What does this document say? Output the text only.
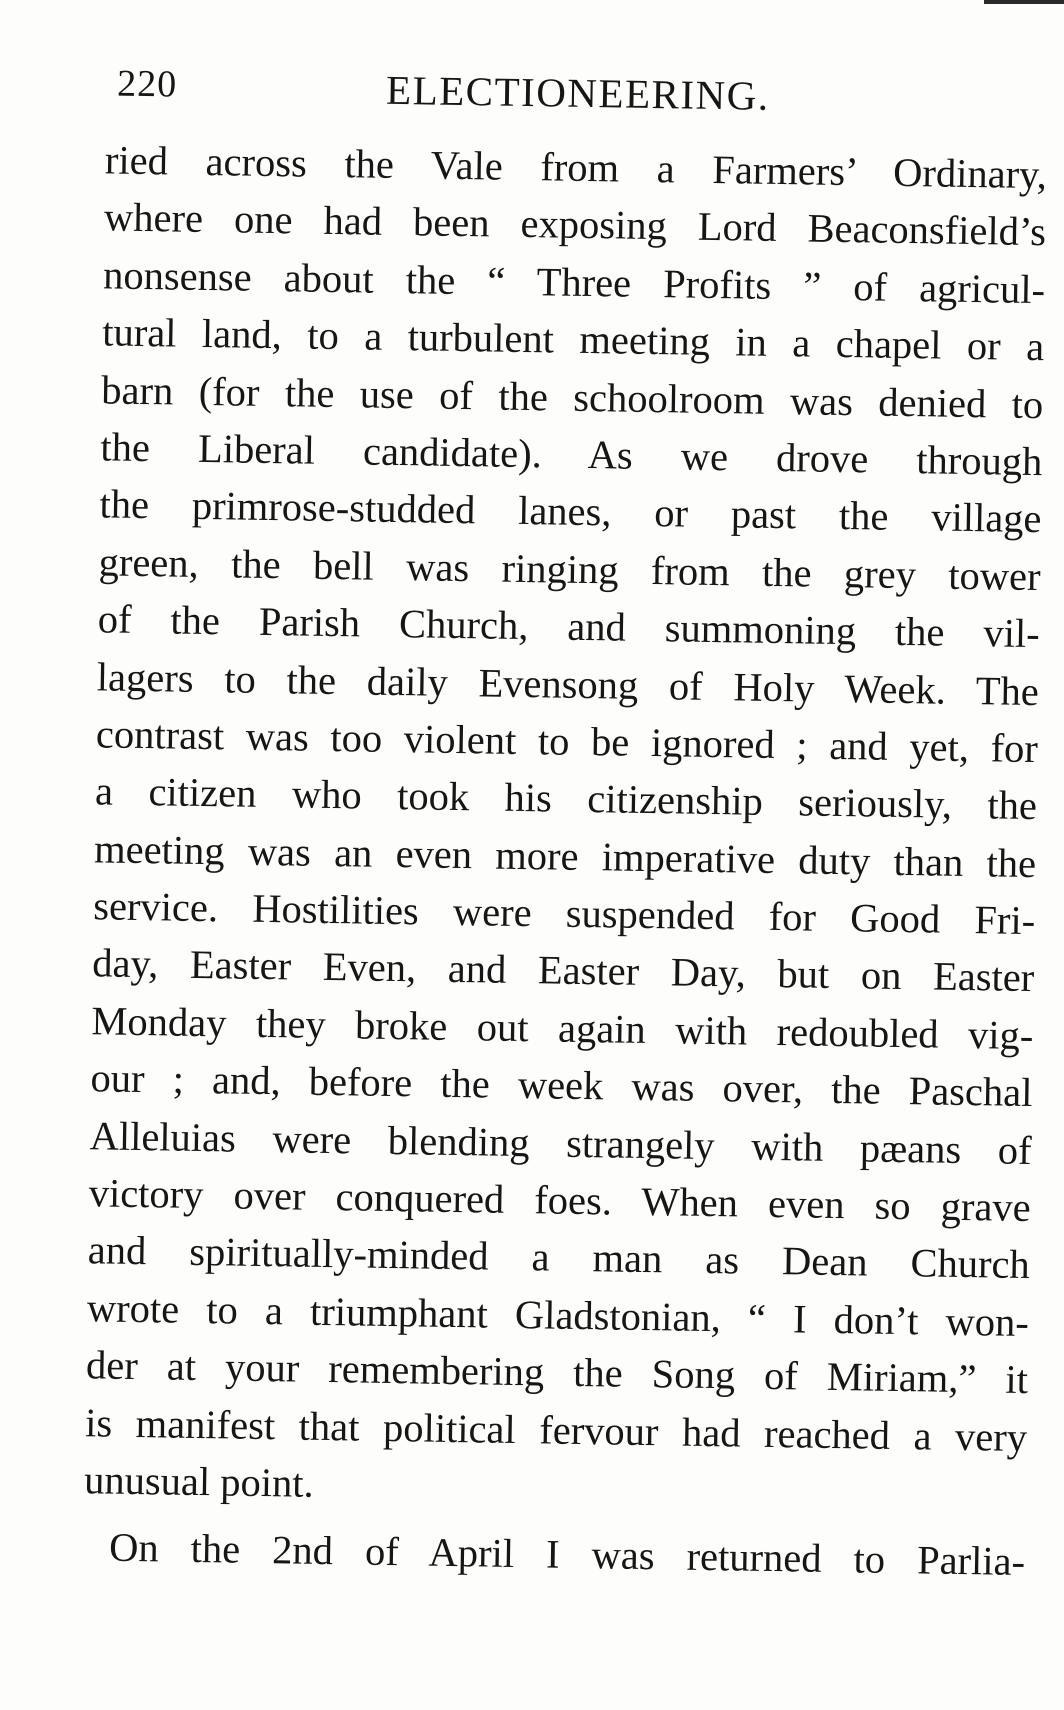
220	ELECTIONEERING.
ried across the Vale from a Farmers’ Ordinary,
where one had been exposing Lord Beaconsfield’s
nonsense about the “ Three Profits ” of agricul-
tural land, to a turbulent meeting in a chapel or a
barn (for the use of the schoolroom was denied to
the Liberal candidate). As we drove through
the primrose-studded lanes, or past the village
green, the bell was ringing from the grey tower
of the Parish Church, and summoning the vil-
lagers to the daily Evensong of Holy Week. The
contrast was too violent to be ignored ; and yet, for
a citizen who took his citizenship seriously, the
meeting was an even more imperative duty than the
service. Hostilities were suspended for Good Fri-
day, Easter Even, and Easter Day, but on Easter
Monday they broke out again with redoubled vig-
our ; and, before the week was over, the Paschal
Alleluias were blending strangely with pæans of
victory over conquered foes. When even so grave
and spiritually-minded a man as Dean Church
wrote to a triumphant Gladstonian, “ I don’t won-
der at your remembering the Song of Miriam,” it
is manifest that political fervour had reached a very
unusual point.
On the 2nd of April I was returned to Parlia-
